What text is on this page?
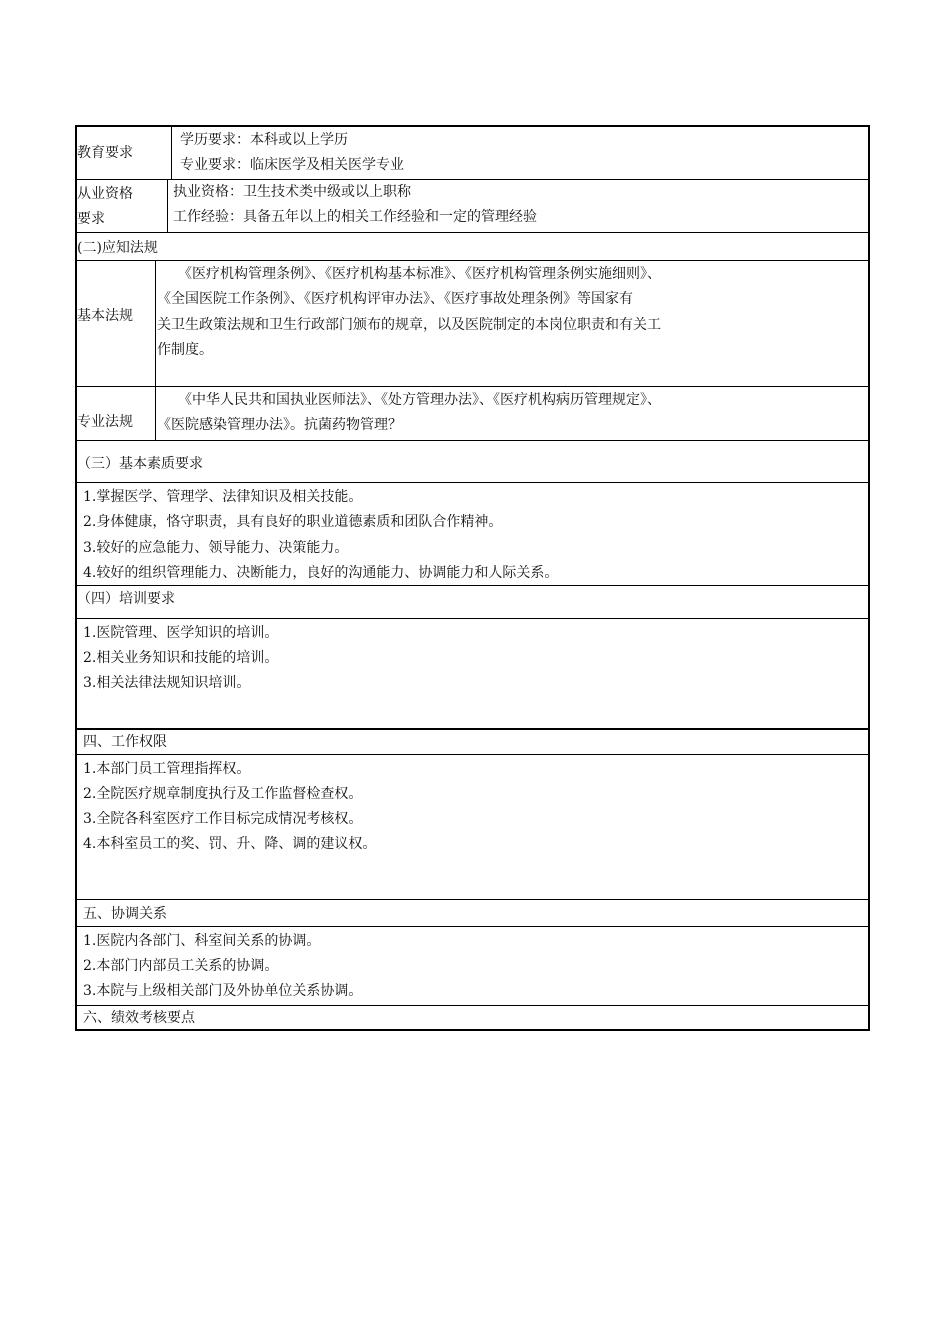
教育要求
学历要求：本科或以上学历
专业要求：临床医学及相关医学专业
从业资格
要求
执业资格：卫生技术类中级或以上职称
工作经验：具备五年以上的相关工作经验和一定的管理经验
(二)应知法规
基本法规
　　《医疗机构管理条例》、《医疗机构基本标准》、《医疗机构管理条例实施细则》、
《全国医院工作条例》、《医疗机构评审办法》、《医疗事故处理条例》等国家有
关卫生政策法规和卫生行政部门颁布的规章，以及医院制定的本岗位职责和有关工
作制度。
专业法规
　　《中华人民共和国执业医师法》、《处方管理办法》、《医疗机构病历管理规定》、
《医院感染管理办法》。抗菌药物管理？
（三）基本素质要求
1.掌握医学、管理学、法律知识及相关技能。
2.身体健康，恪守职责，具有良好的职业道德素质和团队合作精神。
3.较好的应急能力、领导能力、决策能力。
4.较好的组织管理能力、决断能力，良好的沟通能力、协调能力和人际关系。
（四）培训要求
1.医院管理、医学知识的培训。
2.相关业务知识和技能的培训。
3.相关法律法规知识培训。
四、工作权限
1.本部门员工管理指挥权。
2.全院医疗规章制度执行及工作监督检查权。
3.全院各科室医疗工作目标完成情况考核权。
4.本科室员工的奖、罚、升、降、调的建议权。
五、协调关系
1.医院内各部门、科室间关系的协调。
2.本部门内部员工关系的协调。
3.本院与上级相关部门及外协单位关系协调。
六、绩效考核要点
